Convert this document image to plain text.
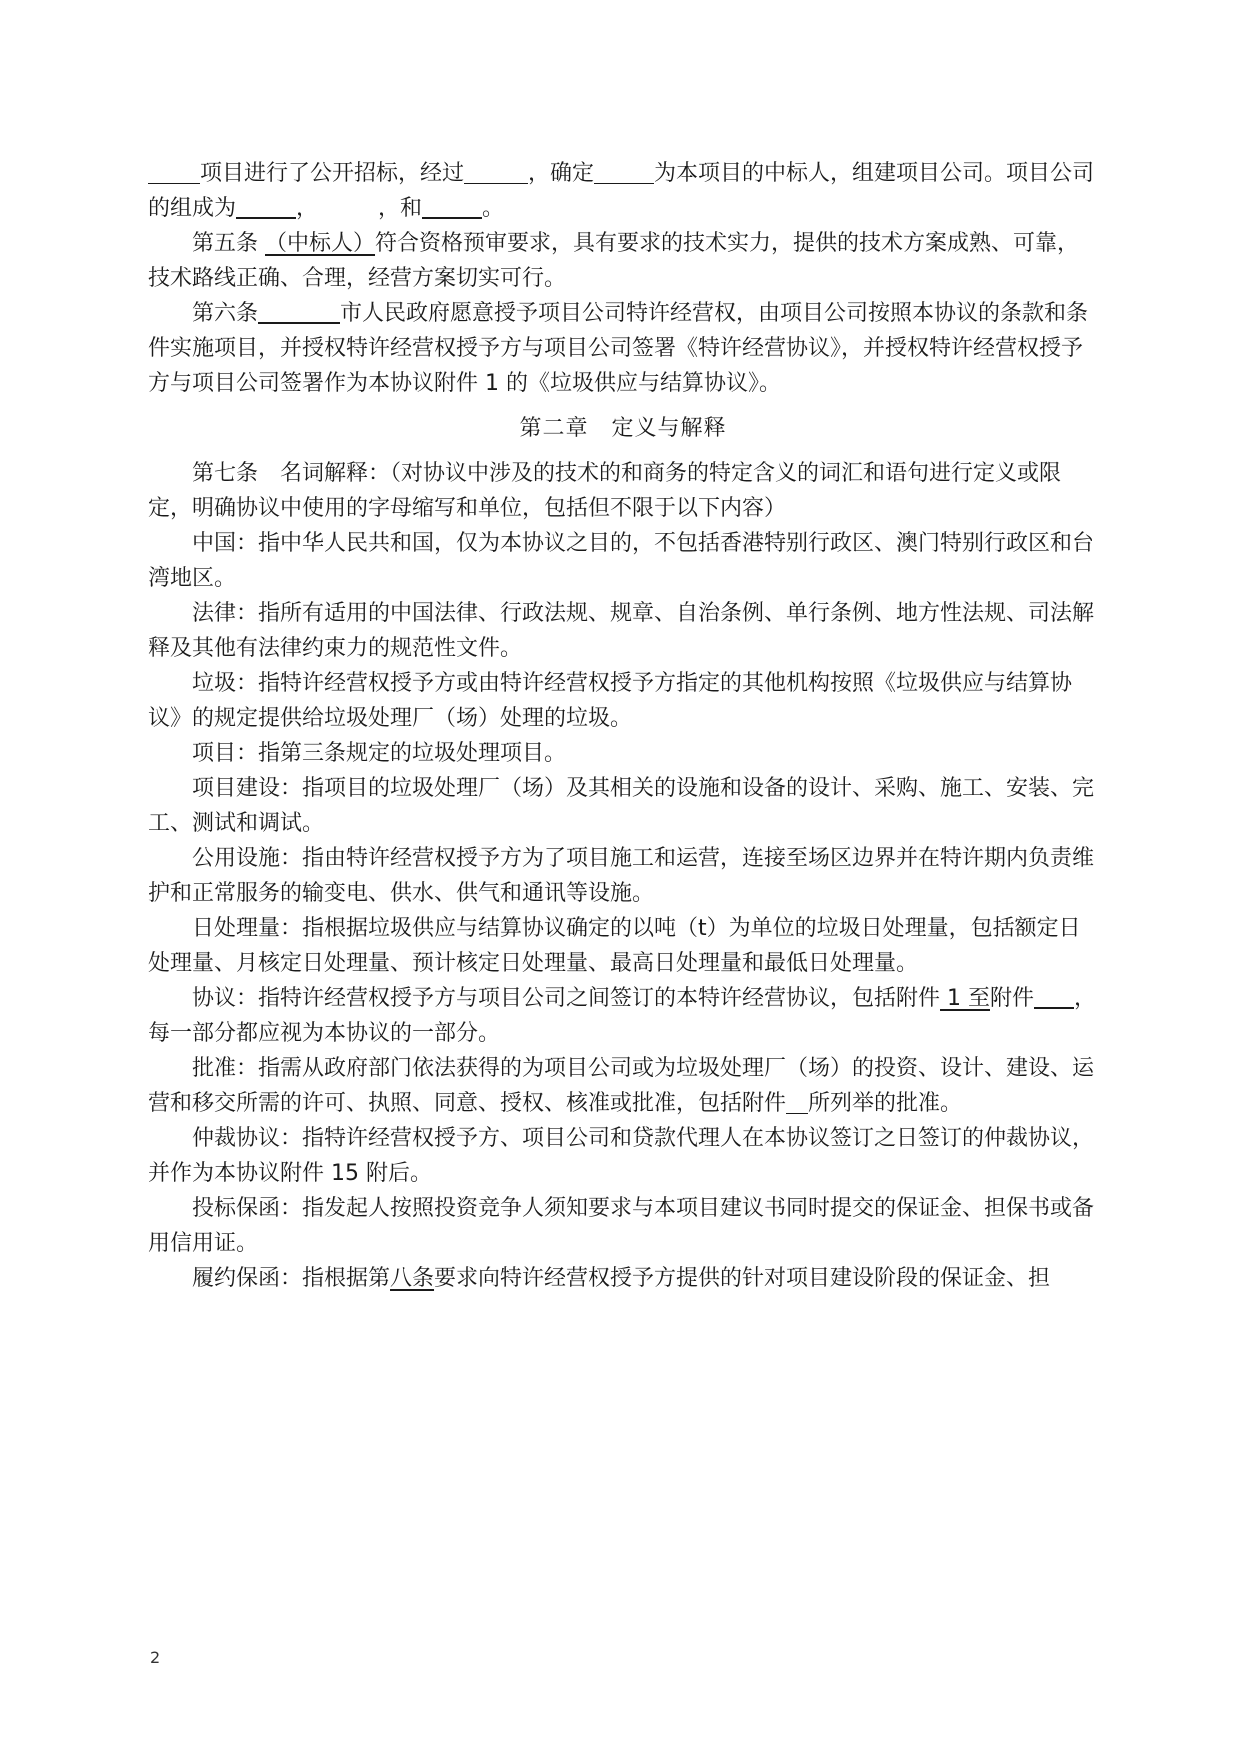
项目进行了公开招标，经过	，确定	为本项目的中标人，组建项目公司。项目公司的组成为	，	，和	。

第五条 （中标人）符合资格预审要求，具有要求的技术实力，提供的技术方案成熟、可靠，技术路线正确、合理，经营方案切实可行。

第六条	市人民政府愿意授予项目公司特许经营权，由项目公司按照本协议的条款和条件实施项目，并授权特许经营权授予方与项目公司签署《特许经营协议》，并授权特许经营权授予方与项目公司签署作为本协议附件 1 的《垃圾供应与结算协议》。

第二章　定义与解释

第七条　名词解释：（对协议中涉及的技术的和商务的特定含义的词汇和语句进行定义或限定，明确协议中使用的字母缩写和单位，包括但不限于以下内容）

中国：指中华人民共和国，仅为本协议之目的，不包括香港特别行政区、澳门特别行政区和台湾地区。

法律：指所有适用的中国法律、行政法规、规章、自治条例、单行条例、地方性法规、司法解释及其他有法律约束力的规范性文件。

垃圾：指特许经营权授予方或由特许经营权授予方指定的其他机构按照《垃圾供应与结算协议》的规定提供给垃圾处理厂（场）处理的垃圾。

项目：指第三条规定的垃圾处理项目。

项目建设：指项目的垃圾处理厂（场）及其相关的设施和设备的设计、采购、施工、安装、完工、测试和调试。

公用设施：指由特许经营权授予方为了项目施工和运营，连接至场区边界并在特许期内负责维护和正常服务的输变电、供水、供气和通讯等设施。

日处理量：指根据垃圾供应与结算协议确定的以吨（t）为单位的垃圾日处理量，包括额定日处理量、月核定日处理量、预计核定日处理量、最高日处理量和最低日处理量。

协议：指特许经营权授予方与项目公司之间签订的本特许经营协议，包括附件 1 至附件 ，每一部分都应视为本协议的一部分。

批准：指需从政府部门依法获得的为项目公司或为垃圾处理厂（场）的投资、设计、建设、运营和移交所需的许可、执照、同意、授权、核准或批准，包括附件 所列举的批准。

仲裁协议：指特许经营权授予方、项目公司和贷款代理人在本协议签订之日签订的仲裁协议，并作为本协议附件 15 附后。

投标保函：指发起人按照投资竞争人须知要求与本项目建议书同时提交的保证金、担保书或备用信用证。

履约保函：指根据第八条要求向特许经营权授予方提供的针对项目建设阶段的保证金、担

2
